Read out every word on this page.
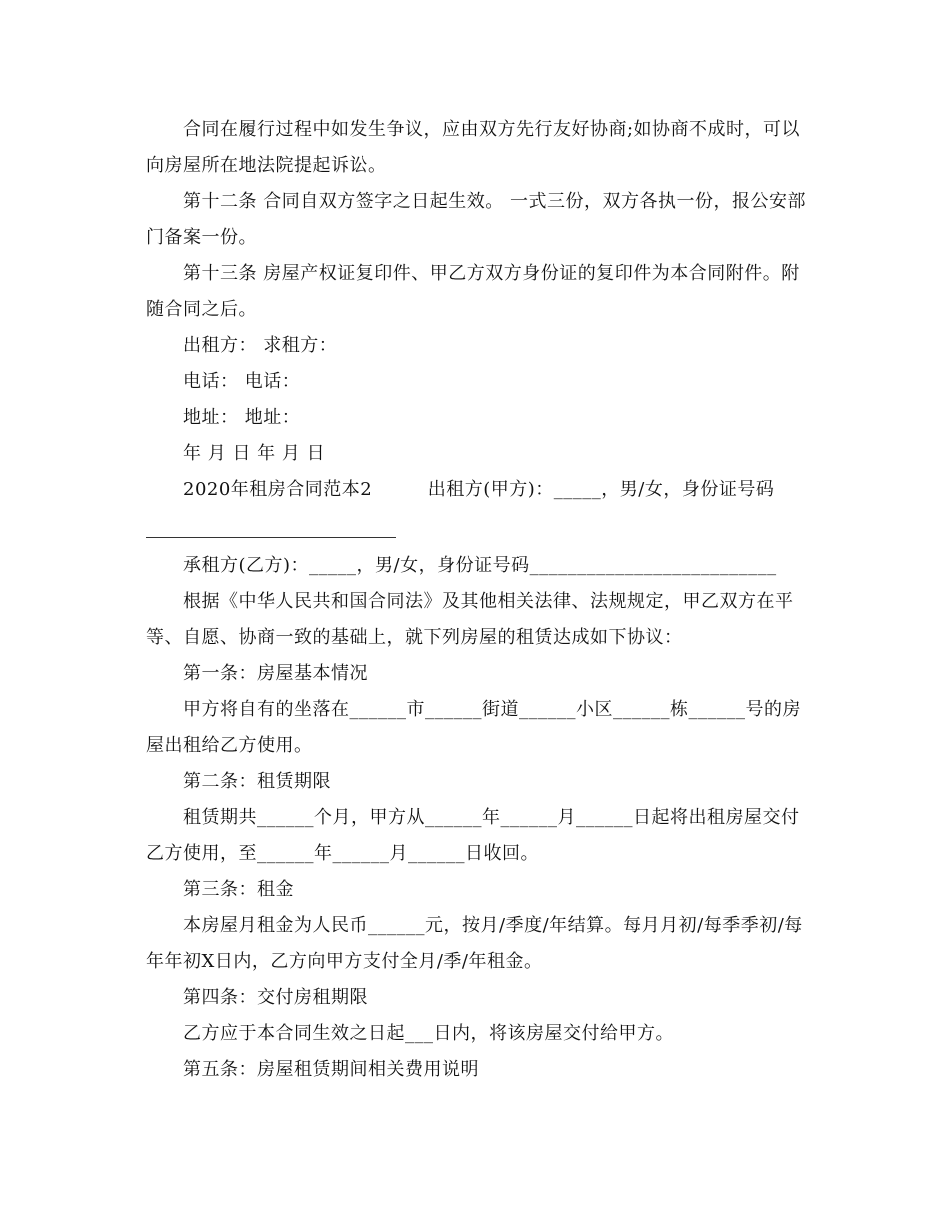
合同在履行过程中如发生争议，应由双方先行友好协商;如协商不成时，可以向房屋所在地法院提起诉讼。

第十二条 合同自双方签字之日起生效。 一式三份，双方各执一份，报公安部门备案一份。

第十三条 房屋产权证复印件、甲乙方双方身份证的复印件为本合同附件。附随合同之后。

出租方： 求租方：

电话： 电话：

地址： 地址：

年 月 日 年 月 日

2020年租房合同范本2　　　出租方(甲方)：_____，男/女，身份证号码

承租方(乙方)：_____，男/女，身份证号码__________________________

根据《中华人民共和国合同法》及其他相关法律、法规规定，甲乙双方在平等、自愿、协商一致的基础上，就下列房屋的租赁达成如下协议：

第一条：房屋基本情况

甲方将自有的坐落在______市______街道______小区______栋______号的房屋出租给乙方使用。

第二条：租赁期限

租赁期共______个月，甲方从______年______月______日起将出租房屋交付乙方使用，至______年______月______日收回。

第三条：租金

本房屋月租金为人民币______元，按月/季度/年结算。每月月初/每季季初/每年年初X日内，乙方向甲方支付全月/季/年租金。

第四条：交付房租期限

乙方应于本合同生效之日起___日内，将该房屋交付给甲方。

第五条：房屋租赁期间相关费用说明
